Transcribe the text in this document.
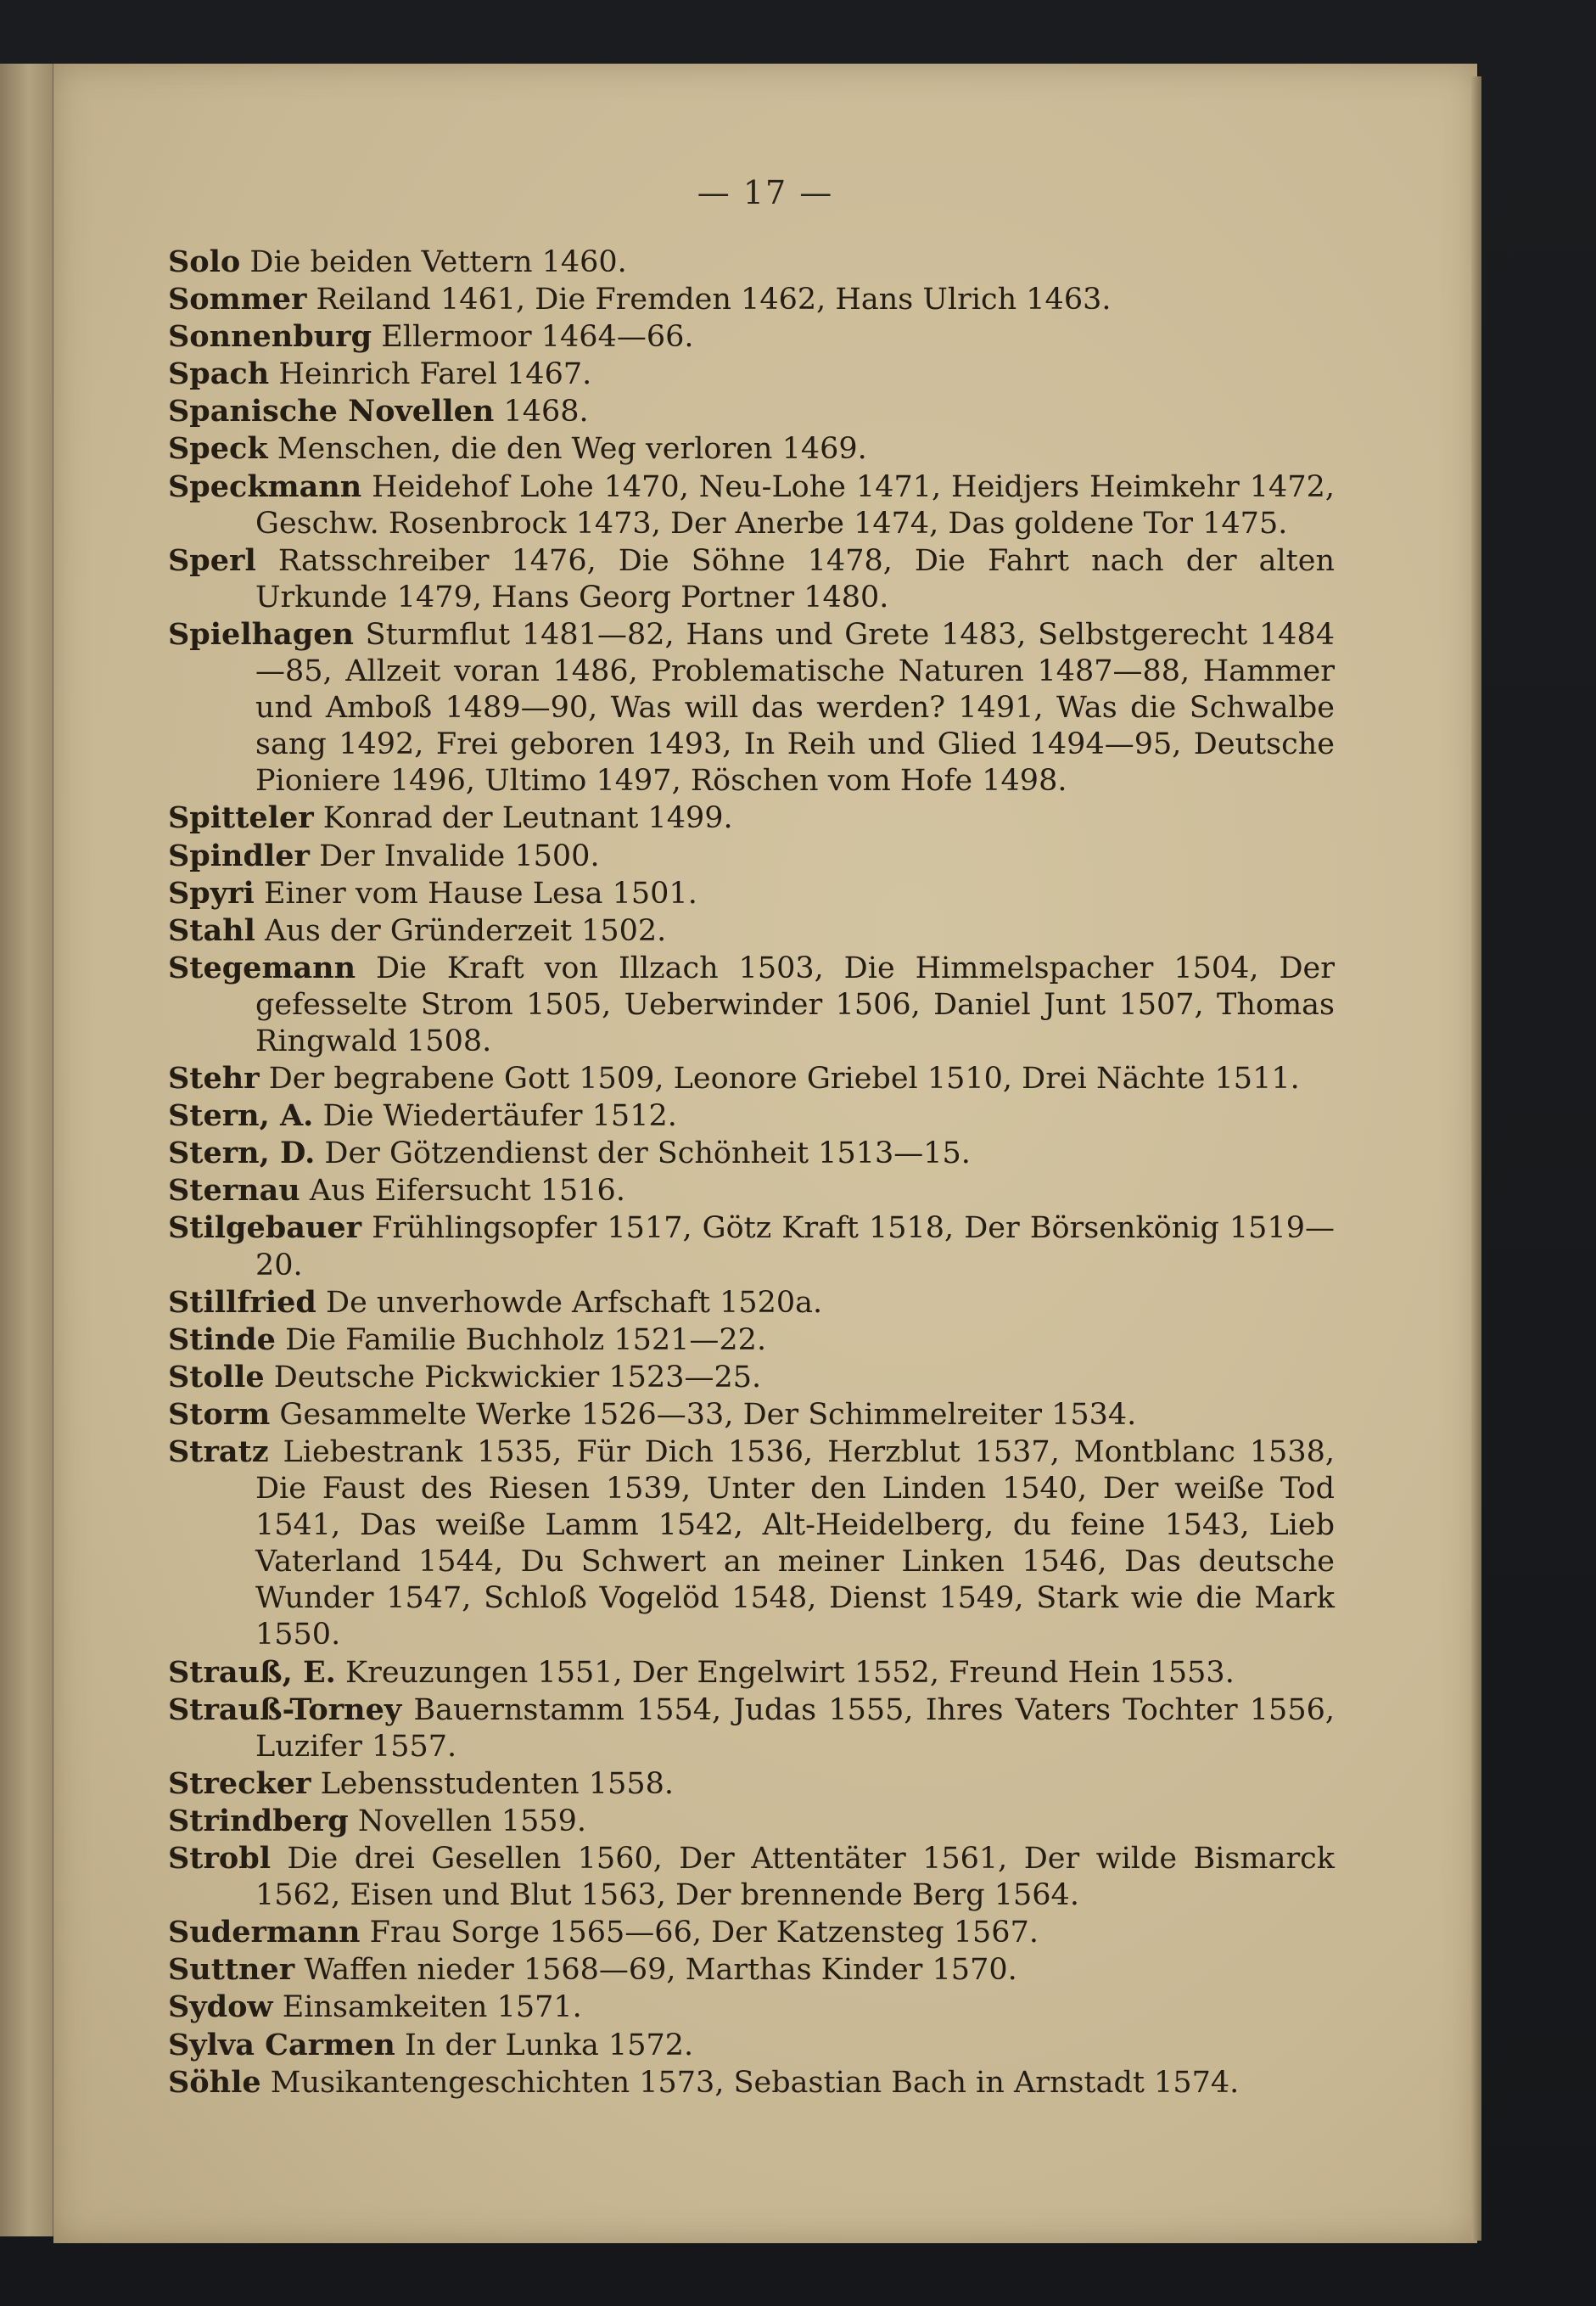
— 17 —
Solo Die beiden Vettern 1460.
Sommer Reiland 1461, Die Fremden 1462, Hans Ulrich 1463.
Sonnenburg Ellermoor 1464—66.
Spach Heinrich Farel 1467.
Spanische Novellen 1468.
Speck Menschen, die den Weg verloren 1469.
Speckmann Heidehof Lohe 1470, Neu-Lohe 1471, Heidjers Heimkehr 1472, Geschw. Rosenbrock 1473, Der Anerbe 1474, Das goldene Tor 1475.
Sperl Ratsschreiber 1476, Die Söhne 1478, Die Fahrt nach der alten Urkunde 1479, Hans Georg Portner 1480.
Spielhagen Sturmflut 1481—82, Hans und Grete 1483, Selbstgerecht 1484—85, Allzeit voran 1486, Problematische Naturen 1487—88, Hammer und Amboß 1489—90, Was will das werden? 1491, Was die Schwalbe sang 1492, Frei geboren 1493, In Reih und Glied 1494—95, Deutsche Pioniere 1496, Ultimo 1497, Röschen vom Hofe 1498.
Spitteler Konrad der Leutnant 1499.
Spindler Der Invalide 1500.
Spyri Einer vom Hause Lesa 1501.
Stahl Aus der Gründerzeit 1502.
Stegemann Die Kraft von Illzach 1503, Die Himmelspacher 1504, Der gefesselte Strom 1505, Ueberwinder 1506, Daniel Junt 1507, Thomas Ringwald 1508.
Stehr Der begrabene Gott 1509, Leonore Griebel 1510, Drei Nächte 1511.
Stern, A. Die Wiedertäufer 1512.
Stern, D. Der Götzendienst der Schönheit 1513—15.
Sternau Aus Eifersucht 1516.
Stilgebauer Frühlingsopfer 1517, Götz Kraft 1518, Der Börsenkönig 1519—20.
Stillfried De unverhowde Arfschaft 1520a.
Stinde Die Familie Buchholz 1521—22.
Stolle Deutsche Pickwickier 1523—25.
Storm Gesammelte Werke 1526—33, Der Schimmelreiter 1534.
Stratz Liebestrank 1535, Für Dich 1536, Herzblut 1537, Montblanc 1538, Die Faust des Riesen 1539, Unter den Linden 1540, Der weiße Tod 1541, Das weiße Lamm 1542, Alt-Heidelberg, du feine 1543, Lieb Vaterland 1544, Du Schwert an meiner Linken 1546, Das deutsche Wunder 1547, Schloß Vogelöd 1548, Dienst 1549, Stark wie die Mark 1550.
Strauß, E. Kreuzungen 1551, Der Engelwirt 1552, Freund Hein 1553.
Strauß-Torney Bauernstamm 1554, Judas 1555, Ihres Vaters Tochter 1556, Luzifer 1557.
Strecker Lebensstudenten 1558.
Strindberg Novellen 1559.
Strobl Die drei Gesellen 1560, Der Attentäter 1561, Der wilde Bismarck 1562, Eisen und Blut 1563, Der brennende Berg 1564.
Sudermann Frau Sorge 1565—66, Der Katzensteg 1567.
Suttner Waffen nieder 1568—69, Marthas Kinder 1570.
Sydow Einsamkeiten 1571.
Sylva Carmen In der Lunka 1572.
Söhle Musikantengeschichten 1573, Sebastian Bach in Arnstadt 1574.
